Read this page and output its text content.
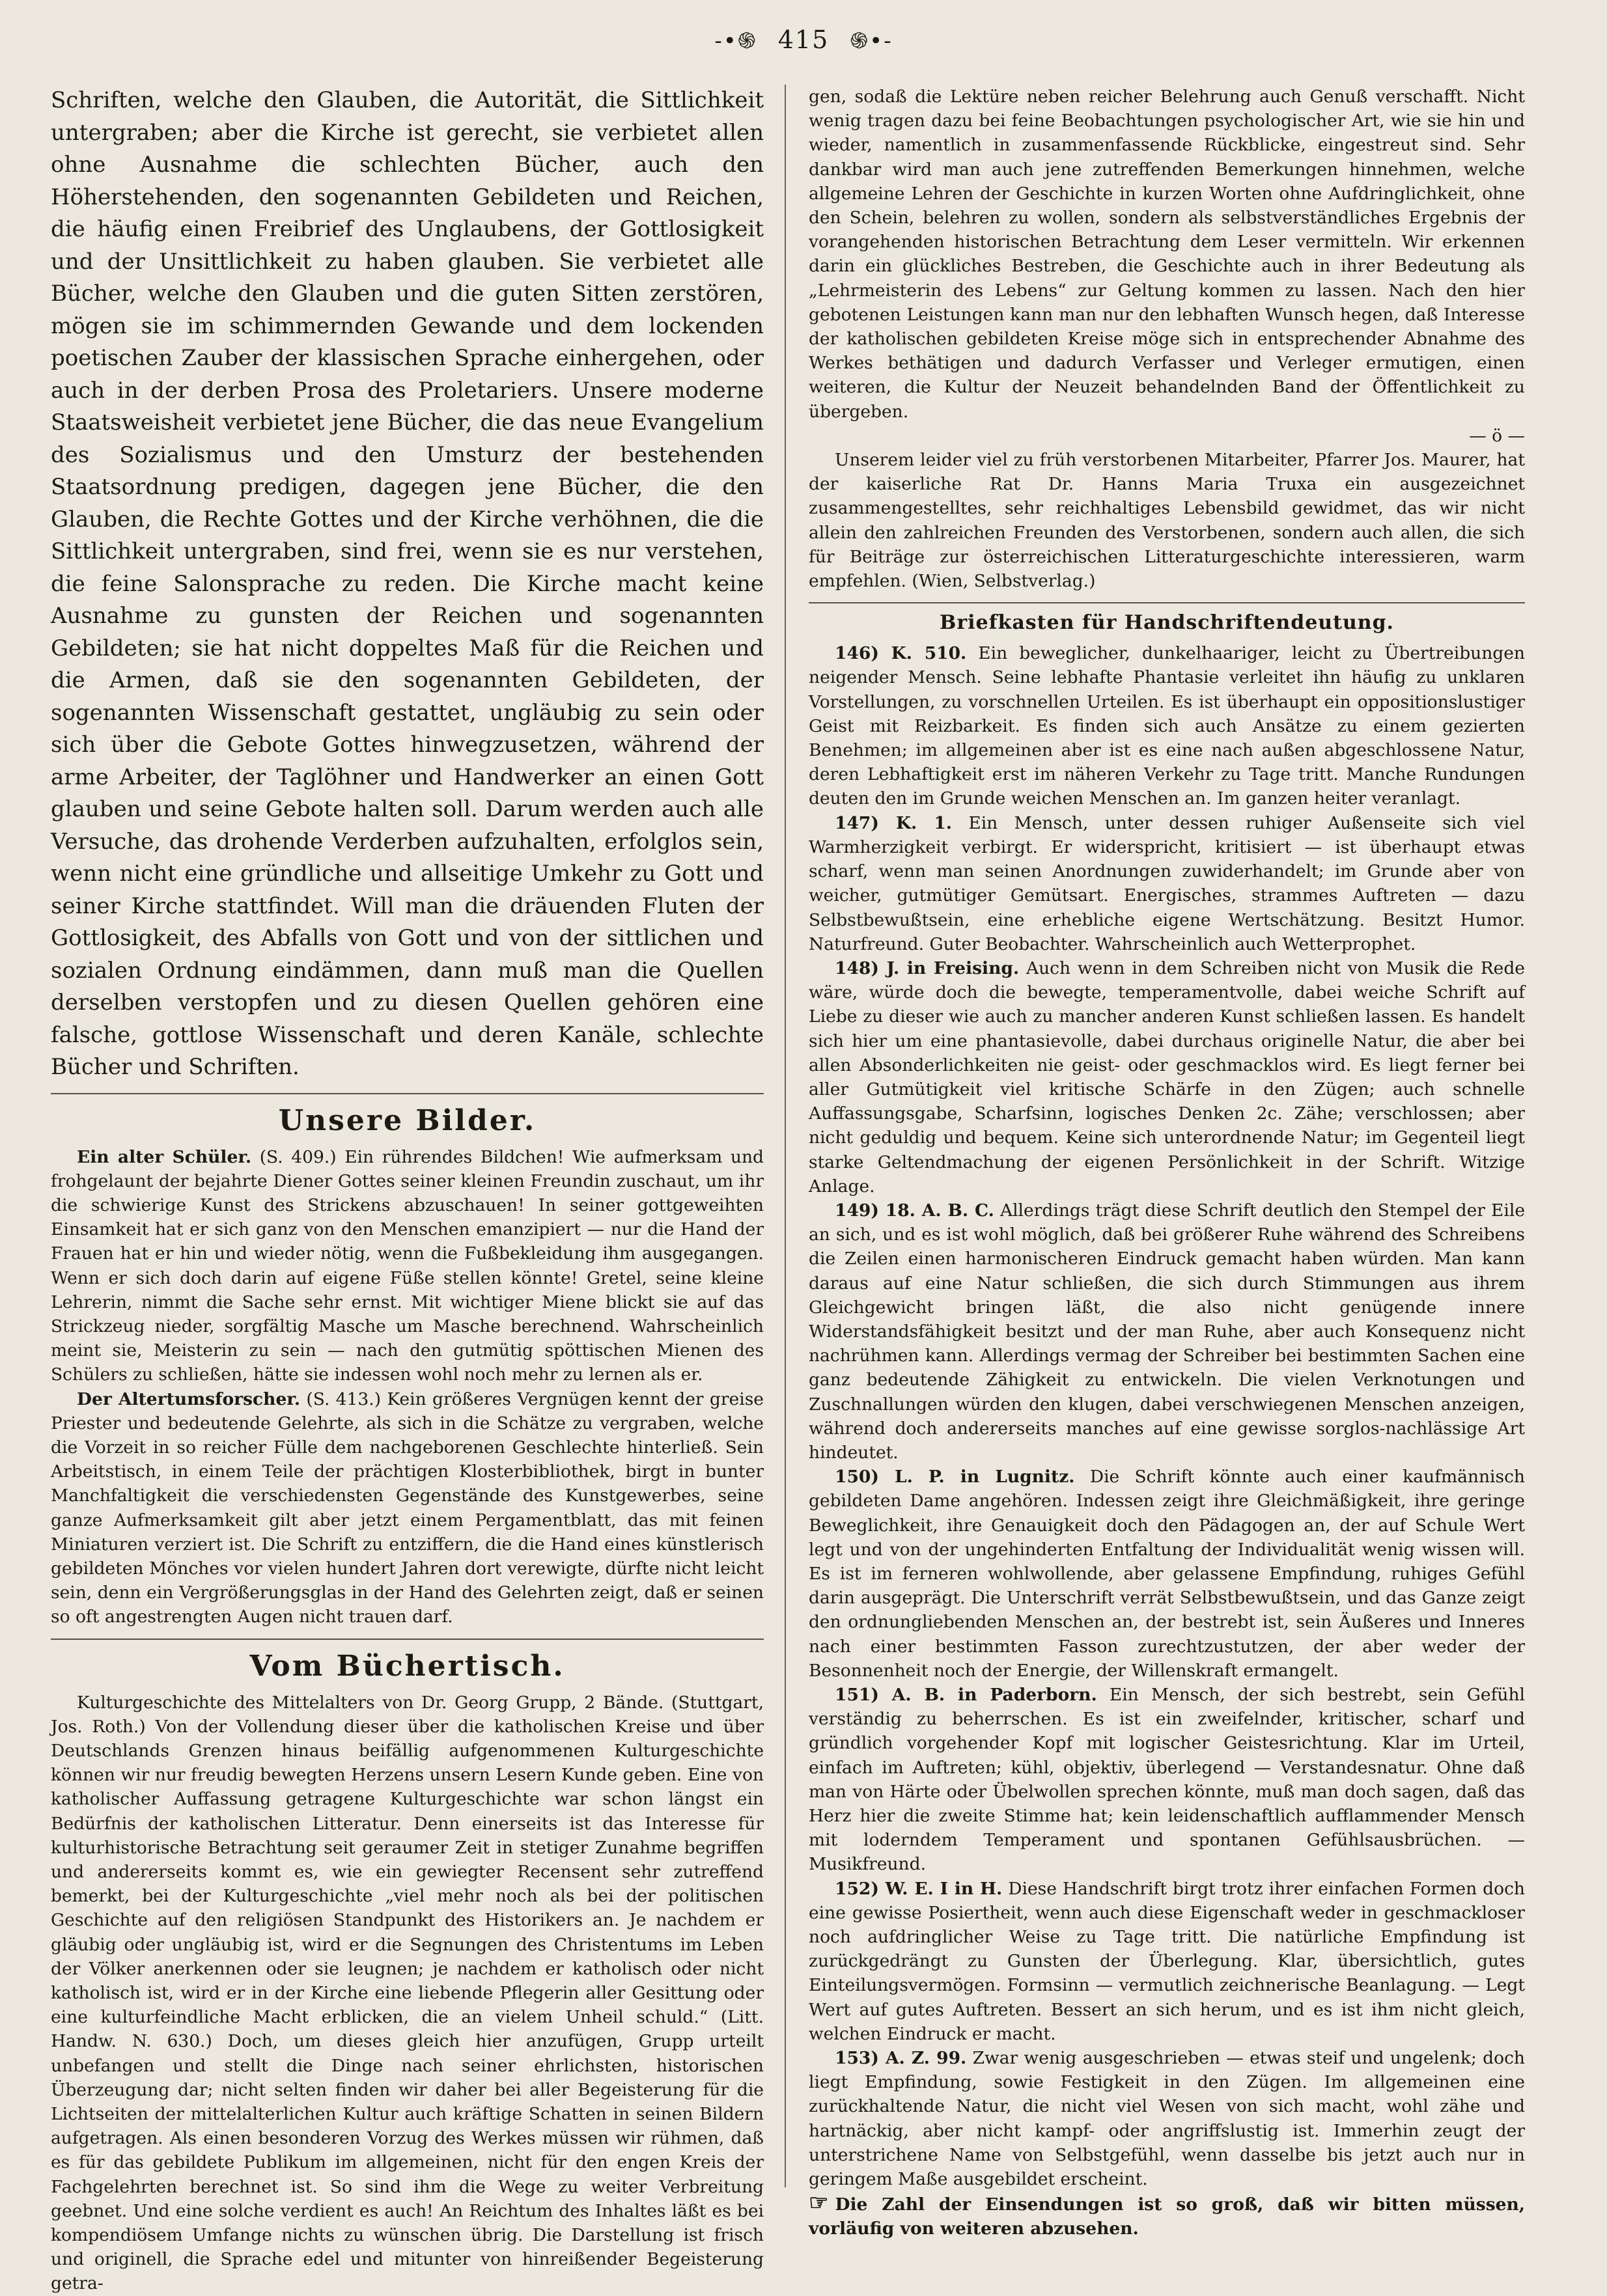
-•֍ 415 ֍•-

Schriften, welche den Glauben, die Autorität, die Sittlichkeit untergraben; aber die Kirche ist gerecht, sie verbietet allen ohne Ausnahme die schlechten Bücher, auch den Höherstehenden, den sogenannten Gebildeten und Reichen, die häufig einen Freibrief des Unglaubens, der Gottlosigkeit und der Unsittlichkeit zu haben glauben. Sie verbietet alle Bücher, welche den Glauben und die guten Sitten zerstören, mögen sie im schimmernden Gewande und dem lockenden poetischen Zauber der klassischen Sprache einhergehen, oder auch in der derben Prosa des Proletariers. Unsere moderne Staatsweisheit verbietet jene Bücher, die das neue Evangelium des Sozialismus und den Umsturz der bestehenden Staatsordnung predigen, dagegen jene Bücher, die den Glauben, die Rechte Gottes und der Kirche verhöhnen, die die Sittlichkeit untergraben, sind frei, wenn sie es nur verstehen, die feine Salonsprache zu reden. Die Kirche macht keine Ausnahme zu gunsten der Reichen und sogenannten Gebildeten; sie hat nicht doppeltes Maß für die Reichen und die Armen, daß sie den sogenannten Gebildeten, der sogenannten Wissenschaft gestattet, ungläubig zu sein oder sich über die Gebote Gottes hinwegzusetzen, während der arme Arbeiter, der Taglöhner und Handwerker an einen Gott glauben und seine Gebote halten soll. Darum werden auch alle Versuche, das drohende Verderben aufzuhalten, erfolglos sein, wenn nicht eine gründliche und allseitige Umkehr zu Gott und seiner Kirche stattfindet. Will man die dräuenden Fluten der Gottlosigkeit, des Abfalls von Gott und von der sittlichen und sozialen Ordnung eindämmen, dann muß man die Quellen derselben verstopfen und zu diesen Quellen gehören eine falsche, gottlose Wissenschaft und deren Kanäle, schlechte Bücher und Schriften.

Unsere Bilder.

Ein alter Schüler. (S. 409.) Ein rührendes Bildchen! Wie aufmerksam und frohgelaunt der bejahrte Diener Gottes seiner kleinen Freundin zuschaut, um ihr die schwierige Kunst des Strickens abzuschauen! In seiner gottgeweihten Einsamkeit hat er sich ganz von den Menschen emanzipiert — nur die Hand der Frauen hat er hin und wieder nötig, wenn die Fußbekleidung ihm ausgegangen. Wenn er sich doch darin auf eigene Füße stellen könnte! Gretel, seine kleine Lehrerin, nimmt die Sache sehr ernst. Mit wichtiger Miene blickt sie auf das Strickzeug nieder, sorgfältig Masche um Masche berechnend. Wahrscheinlich meint sie, Meisterin zu sein — nach den gutmütig spöttischen Mienen des Schülers zu schließen, hätte sie indessen wohl noch mehr zu lernen als er.

Der Altertumsforscher. (S. 413.) Kein größeres Vergnügen kennt der greise Priester und bedeutende Gelehrte, als sich in die Schätze zu vergraben, welche die Vorzeit in so reicher Fülle dem nachgeborenen Geschlechte hinterließ. Sein Arbeitstisch, in einem Teile der prächtigen Klosterbibliothek, birgt in bunter Manchfaltigkeit die verschiedensten Gegenstände des Kunstgewerbes, seine ganze Aufmerksamkeit gilt aber jetzt einem Pergamentblatt, das mit feinen Miniaturen verziert ist. Die Schrift zu entziffern, die die Hand eines künstlerisch gebildeten Mönches vor vielen hundert Jahren dort verewigte, dürfte nicht leicht sein, denn ein Vergrößerungsglas in der Hand des Gelehrten zeigt, daß er seinen so oft angestrengten Augen nicht trauen darf.

Vom Büchertisch.

Kulturgeschichte des Mittelalters von Dr. Georg Grupp, 2 Bände. (Stuttgart, Jos. Roth.) Von der Vollendung dieser über die katholischen Kreise und über Deutschlands Grenzen hinaus beifällig aufgenommenen Kulturgeschichte können wir nur freudig bewegten Herzens unsern Lesern Kunde geben. Eine von katholischer Auffassung getragene Kulturgeschichte war schon längst ein Bedürfnis der katholischen Litteratur. Denn einerseits ist das Interesse für kulturhistorische Betrachtung seit geraumer Zeit in stetiger Zunahme begriffen und andererseits kommt es, wie ein gewiegter Recensent sehr zutreffend bemerkt, bei der Kulturgeschichte „viel mehr noch als bei der politischen Geschichte auf den religiösen Standpunkt des Historikers an. Je nachdem er gläubig oder ungläubig ist, wird er die Segnungen des Christentums im Leben der Völker anerkennen oder sie leugnen; je nachdem er katholisch oder nicht katholisch ist, wird er in der Kirche eine liebende Pflegerin aller Gesittung oder eine kulturfeindliche Macht erblicken, die an vielem Unheil schuld.“ (Litt. Handw. N. 630.) Doch, um dieses gleich hier anzufügen, Grupp urteilt unbefangen und stellt die Dinge nach seiner ehrlichsten, historischen Überzeugung dar; nicht selten finden wir daher bei aller Begeisterung für die Lichtseiten der mittelalterlichen Kultur auch kräftige Schatten in seinen Bildern aufgetragen. Als einen besonderen Vorzug des Werkes müssen wir rühmen, daß es für das gebildete Publikum im allgemeinen, nicht für den engen Kreis der Fachgelehrten berechnet ist. So sind ihm die Wege zu weiter Verbreitung geebnet. Und eine solche verdient es auch! An Reichtum des Inhaltes läßt es bei kompendiösem Umfange nichts zu wünschen übrig. Die Darstellung ist frisch und originell, die Sprache edel und mitunter von hinreißender Begeisterung getra-

gen, sodaß die Lektüre neben reicher Belehrung auch Genuß verschafft. Nicht wenig tragen dazu bei feine Beobachtungen psychologischer Art, wie sie hin und wieder, namentlich in zusammenfassende Rückblicke, eingestreut sind. Sehr dankbar wird man auch jene zutreffenden Bemerkungen hinnehmen, welche allgemeine Lehren der Geschichte in kurzen Worten ohne Aufdringlichkeit, ohne den Schein, belehren zu wollen, sondern als selbstverständliches Ergebnis der vorangehenden historischen Betrachtung dem Leser vermitteln. Wir erkennen darin ein glückliches Bestreben, die Geschichte auch in ihrer Bedeutung als „Lehrmeisterin des Lebens“ zur Geltung kommen zu lassen. Nach den hier gebotenen Leistungen kann man nur den lebhaften Wunsch hegen, daß Interesse der katholischen gebildeten Kreise möge sich in entsprechender Abnahme des Werkes bethätigen und dadurch Verfasser und Verleger ermutigen, einen weiteren, die Kultur der Neuzeit behandelnden Band der Öffentlichkeit zu übergeben.

— ö —

Unserem leider viel zu früh verstorbenen Mitarbeiter, Pfarrer Jos. Maurer, hat der kaiserliche Rat Dr. Hanns Maria Truxa ein ausgezeichnet zusammengestelltes, sehr reichhaltiges Lebensbild gewidmet, das wir nicht allein den zahlreichen Freunden des Verstorbenen, sondern auch allen, die sich für Beiträge zur österreichischen Litteraturgeschichte interessieren, warm empfehlen. (Wien, Selbstverlag.)

Briefkasten für Handschriftendeutung.

146) K. 510. Ein beweglicher, dunkelhaariger, leicht zu Übertreibungen neigender Mensch. Seine lebhafte Phantasie verleitet ihn häufig zu unklaren Vorstellungen, zu vorschnellen Urteilen. Es ist überhaupt ein oppositionslustiger Geist mit Reizbarkeit. Es finden sich auch Ansätze zu einem gezierten Benehmen; im allgemeinen aber ist es eine nach außen abgeschlossene Natur, deren Lebhaftigkeit erst im näheren Verkehr zu Tage tritt. Manche Rundungen deuten den im Grunde weichen Menschen an. Im ganzen heiter veranlagt.

147) K. 1. Ein Mensch, unter dessen ruhiger Außenseite sich viel Warmherzigkeit verbirgt. Er widerspricht, kritisiert — ist überhaupt etwas scharf, wenn man seinen Anordnungen zuwiderhandelt; im Grunde aber von weicher, gutmütiger Gemütsart. Energisches, strammes Auftreten — dazu Selbstbewußtsein, eine erhebliche eigene Wertschätzung. Besitzt Humor. Naturfreund. Guter Beobachter. Wahrscheinlich auch Wetterprophet.

148) J. in Freising. Auch wenn in dem Schreiben nicht von Musik die Rede wäre, würde doch die bewegte, temperamentvolle, dabei weiche Schrift auf Liebe zu dieser wie auch zu mancher anderen Kunst schließen lassen. Es handelt sich hier um eine phantasievolle, dabei durchaus originelle Natur, die aber bei allen Absonderlichkeiten nie geist- oder geschmacklos wird. Es liegt ferner bei aller Gutmütigkeit viel kritische Schärfe in den Zügen; auch schnelle Auffassungsgabe, Scharfsinn, logisches Denken 2c. Zähe; verschlossen; aber nicht geduldig und bequem. Keine sich unterordnende Natur; im Gegenteil liegt starke Geltendmachung der eigenen Persönlichkeit in der Schrift. Witzige Anlage.

149) 18. A. B. C. Allerdings trägt diese Schrift deutlich den Stempel der Eile an sich, und es ist wohl möglich, daß bei größerer Ruhe während des Schreibens die Zeilen einen harmonischeren Eindruck gemacht haben würden. Man kann daraus auf eine Natur schließen, die sich durch Stimmungen aus ihrem Gleichgewicht bringen läßt, die also nicht genügende innere Widerstandsfähigkeit besitzt und der man Ruhe, aber auch Konsequenz nicht nachrühmen kann. Allerdings vermag der Schreiber bei bestimmten Sachen eine ganz bedeutende Zähigkeit zu entwickeln. Die vielen Verknotungen und Zuschnallungen würden den klugen, dabei verschwiegenen Menschen anzeigen, während doch andererseits manches auf eine gewisse sorglos-nachlässige Art hindeutet.

150) L. P. in Lugnitz. Die Schrift könnte auch einer kaufmännisch gebildeten Dame angehören. Indessen zeigt ihre Gleichmäßigkeit, ihre geringe Beweglichkeit, ihre Genauigkeit doch den Pädagogen an, der auf Schule Wert legt und von der ungehinderten Entfaltung der Individualität wenig wissen will. Es ist im ferneren wohlwollende, aber gelassene Empfindung, ruhiges Gefühl darin ausgeprägt. Die Unterschrift verrät Selbstbewußtsein, und das Ganze zeigt den ordnungliebenden Menschen an, der bestrebt ist, sein Äußeres und Inneres nach einer bestimmten Fasson zurechtzustutzen, der aber weder der Besonnenheit noch der Energie, der Willenskraft ermangelt.

151) A. B. in Paderborn. Ein Mensch, der sich bestrebt, sein Gefühl verständig zu beherrschen. Es ist ein zweifelnder, kritischer, scharf und gründlich vorgehender Kopf mit logischer Geistesrichtung. Klar im Urteil, einfach im Auftreten; kühl, objektiv, überlegend — Verstandesnatur. Ohne daß man von Härte oder Übelwollen sprechen könnte, muß man doch sagen, daß das Herz hier die zweite Stimme hat; kein leidenschaftlich aufflammender Mensch mit loderndem Temperament und spontanen Gefühlsausbrüchen. — Musikfreund.

152) W. E. I in H. Diese Handschrift birgt trotz ihrer einfachen Formen doch eine gewisse Posiertheit, wenn auch diese Eigenschaft weder in geschmackloser noch aufdringlicher Weise zu Tage tritt. Die natürliche Empfindung ist zurückgedrängt zu Gunsten der Überlegung. Klar, übersichtlich, gutes Einteilungsvermögen. Formsinn — vermutlich zeichnerische Beanlagung. — Legt Wert auf gutes Auftreten. Bessert an sich herum, und es ist ihm nicht gleich, welchen Eindruck er macht.

153) A. Z. 99. Zwar wenig ausgeschrieben — etwas steif und ungelenk; doch liegt Empfindung, sowie Festigkeit in den Zügen. Im allgemeinen eine zurückhaltende Natur, die nicht viel Wesen von sich macht, wohl zähe und hartnäckig, aber nicht kampf- oder angriffslustig ist. Immerhin zeugt der unterstrichene Name von Selbstgefühl, wenn dasselbe bis jetzt auch nur in geringem Maße ausgebildet erscheint.

☞ Die Zahl der Einsendungen ist so groß, daß wir bitten müssen, vorläufig von weiteren abzusehen.
